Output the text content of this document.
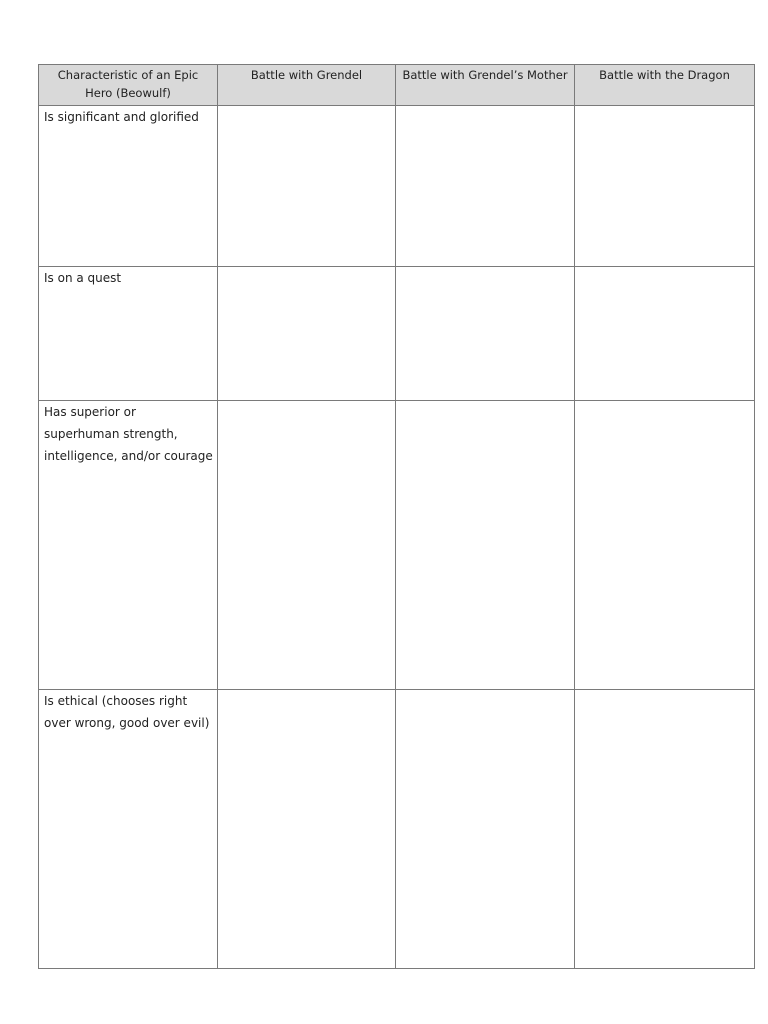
Characteristic of an Epic Hero (Beowulf)	Battle with Grendel	Battle with Grendel’s Mother	Battle with the Dragon
Is significant and glorified			
Is on a quest			
Has superior or superhuman strength, intelligence, and/or courage			
Is ethical (chooses right over wrong, good over evil)			
